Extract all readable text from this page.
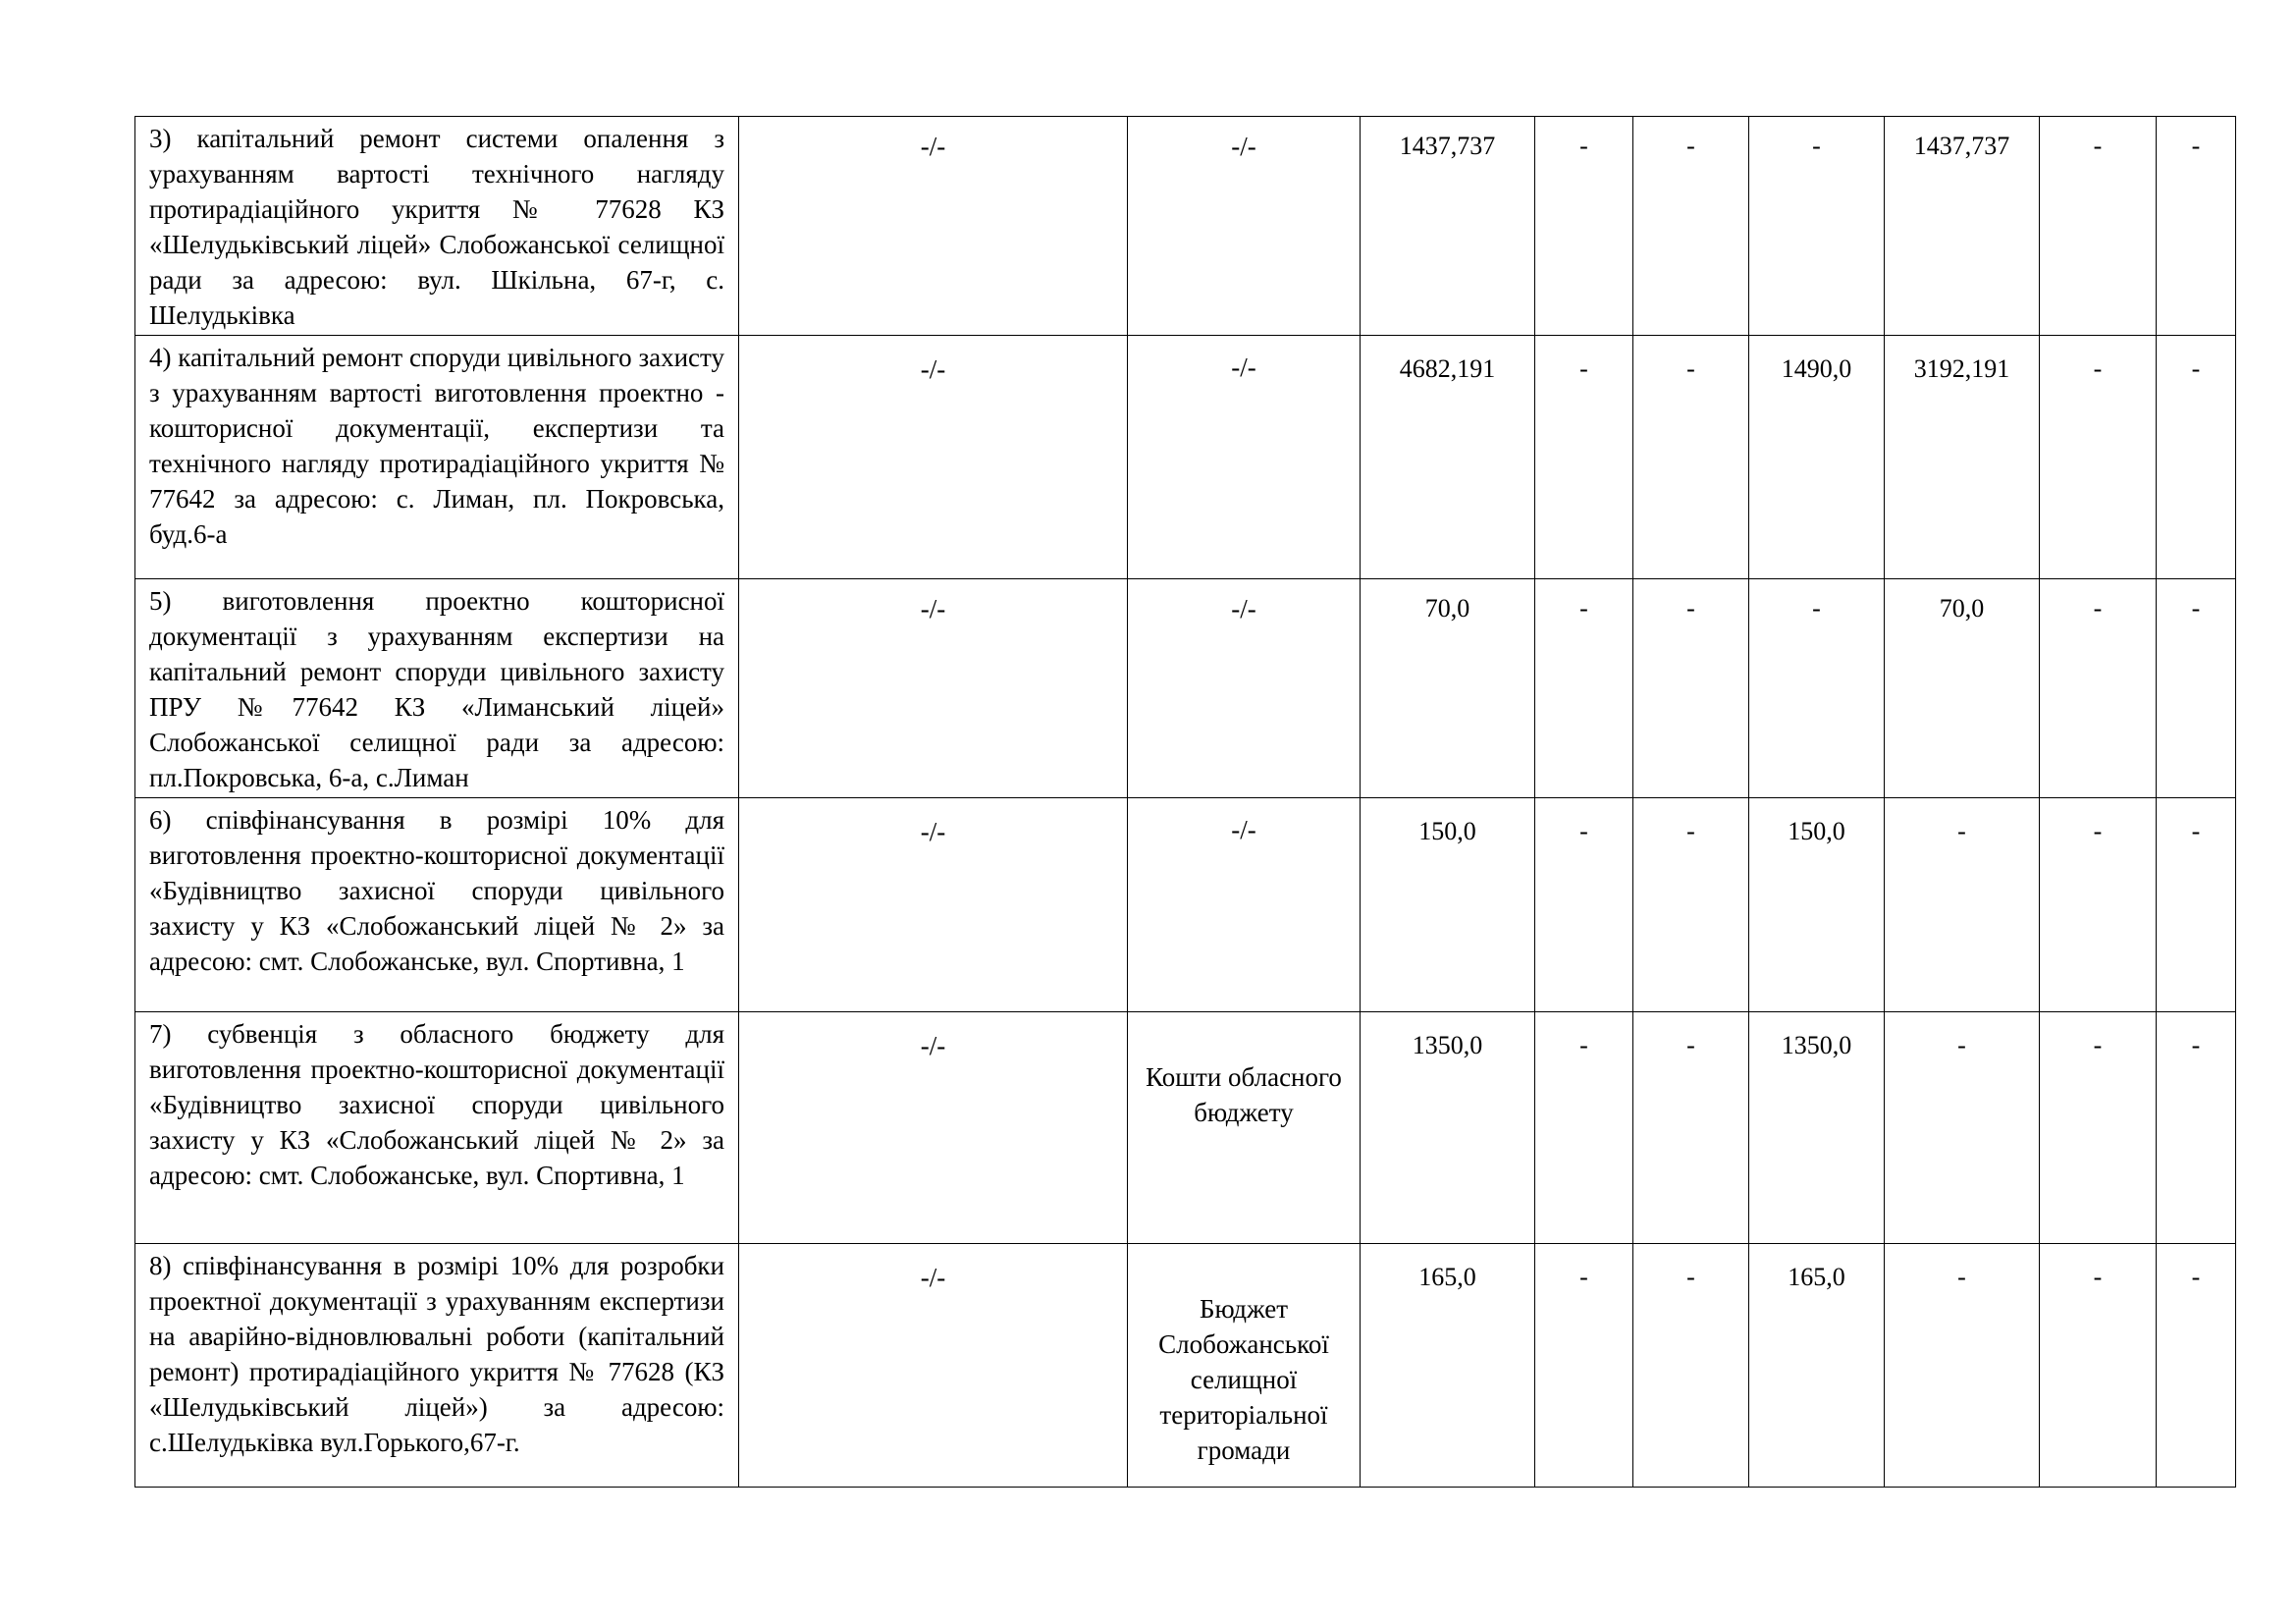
3) капітальний ремонт системи опалення з урахуванням вартості технічного нагляду протирадіаційного укриття № 77628 КЗ «Шелудьківський ліцей» Слобожанської селищної ради за адресою: вул. Шкільна, 67-г, с. Шелудьківка	-/-	-/-	1437,737	-	-	-	1437,737	-	-
4) капітальний ремонт споруди цивільного захисту з урахуванням вартості виготовлення проектно - кошторисної документації, експертизи та технічного нагляду протирадіаційного укриття № 77642 за адресою: с. Лиман, пл. Покровська, буд.6-а	-/-	-/-	4682,191	-	-	1490,0	3192,191	-	-
5) виготовлення проектно кошторисної документації з урахуванням експертизи на капітальний ремонт споруди цивільного захисту ПРУ №77642 КЗ «Лиманський ліцей» Слобожанської селищної ради за адресою: пл.Покровська, 6-а, с.Лиман	-/-	-/-	70,0	-	-	-	70,0	-	-
6) співфінансування в розмірі 10% для виготовлення проектно-кошторисної документації «Будівництво захисної споруди цивільного захисту у КЗ «Слобожанський ліцей № 2» за адресою: смт. Слобожанське, вул. Спортивна, 1	-/-	-/-	150,0	-	-	150,0	-	-	-
7) субвенція з обласного бюджету для виготовлення проектно-кошторисної документації «Будівництво захисної споруди цивільного захисту у КЗ «Слобожанський ліцей № 2» за адресою: смт. Слобожанське, вул. Спортивна, 1	-/-	Кошти обласного бюджету	1350,0	-	-	1350,0	-	-	-
8) співфінансування в розмірі 10% для розробки проектної документації з урахуванням експертизи на аварійно-відновлювальні роботи (капітальний ремонт) протирадіаційного укриття № 77628 (КЗ «Шелудьківський ліцей») за адресою: с.Шелудьківка вул.Горького,67-г.	-/-	Бюджет Слобожанської селищної територіальної громади	165,0	-	-	165,0	-	-	-
